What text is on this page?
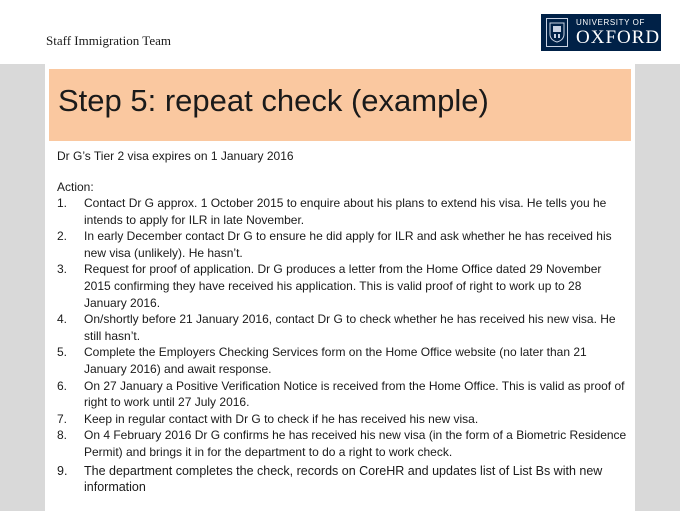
Staff Immigration Team
UNIVERSITY OF
OXFORD
Step 5: repeat check (example)
Dr G’s Tier 2 visa expires on 1 January 2016
Action:
1.	Contact Dr G approx. 1 October 2015 to enquire about his plans to extend his visa. He tells you he intends to apply for ILR in late November.
2.	In early December contact Dr G to ensure he did apply for ILR and ask whether he has received his new visa (unlikely). He hasn’t.
3.	Request for proof of application. Dr G produces a letter from the Home Office dated 29 November 2015 confirming they have received his application. This is valid proof of right to work up to 28 January 2016.
4.	On/shortly before 21 January 2016, contact Dr G to check whether he has received his new visa. He still hasn’t.
5.	Complete the Employers Checking Services form on the Home Office website (no later than 21 January 2016) and await response.
6.	On 27 January a Positive Verification Notice is received from the Home Office. This is valid as proof of right to work until 27 July 2016.
7.	Keep in regular contact with Dr G to check if he has received his new visa.
8.	On 4 February 2016 Dr G confirms he has received his new visa (in the form of a Biometric Residence Permit) and brings it in for the department to do a right to work check.
9.	The department completes the check, records on CoreHR and updates list of List Bs with new information
